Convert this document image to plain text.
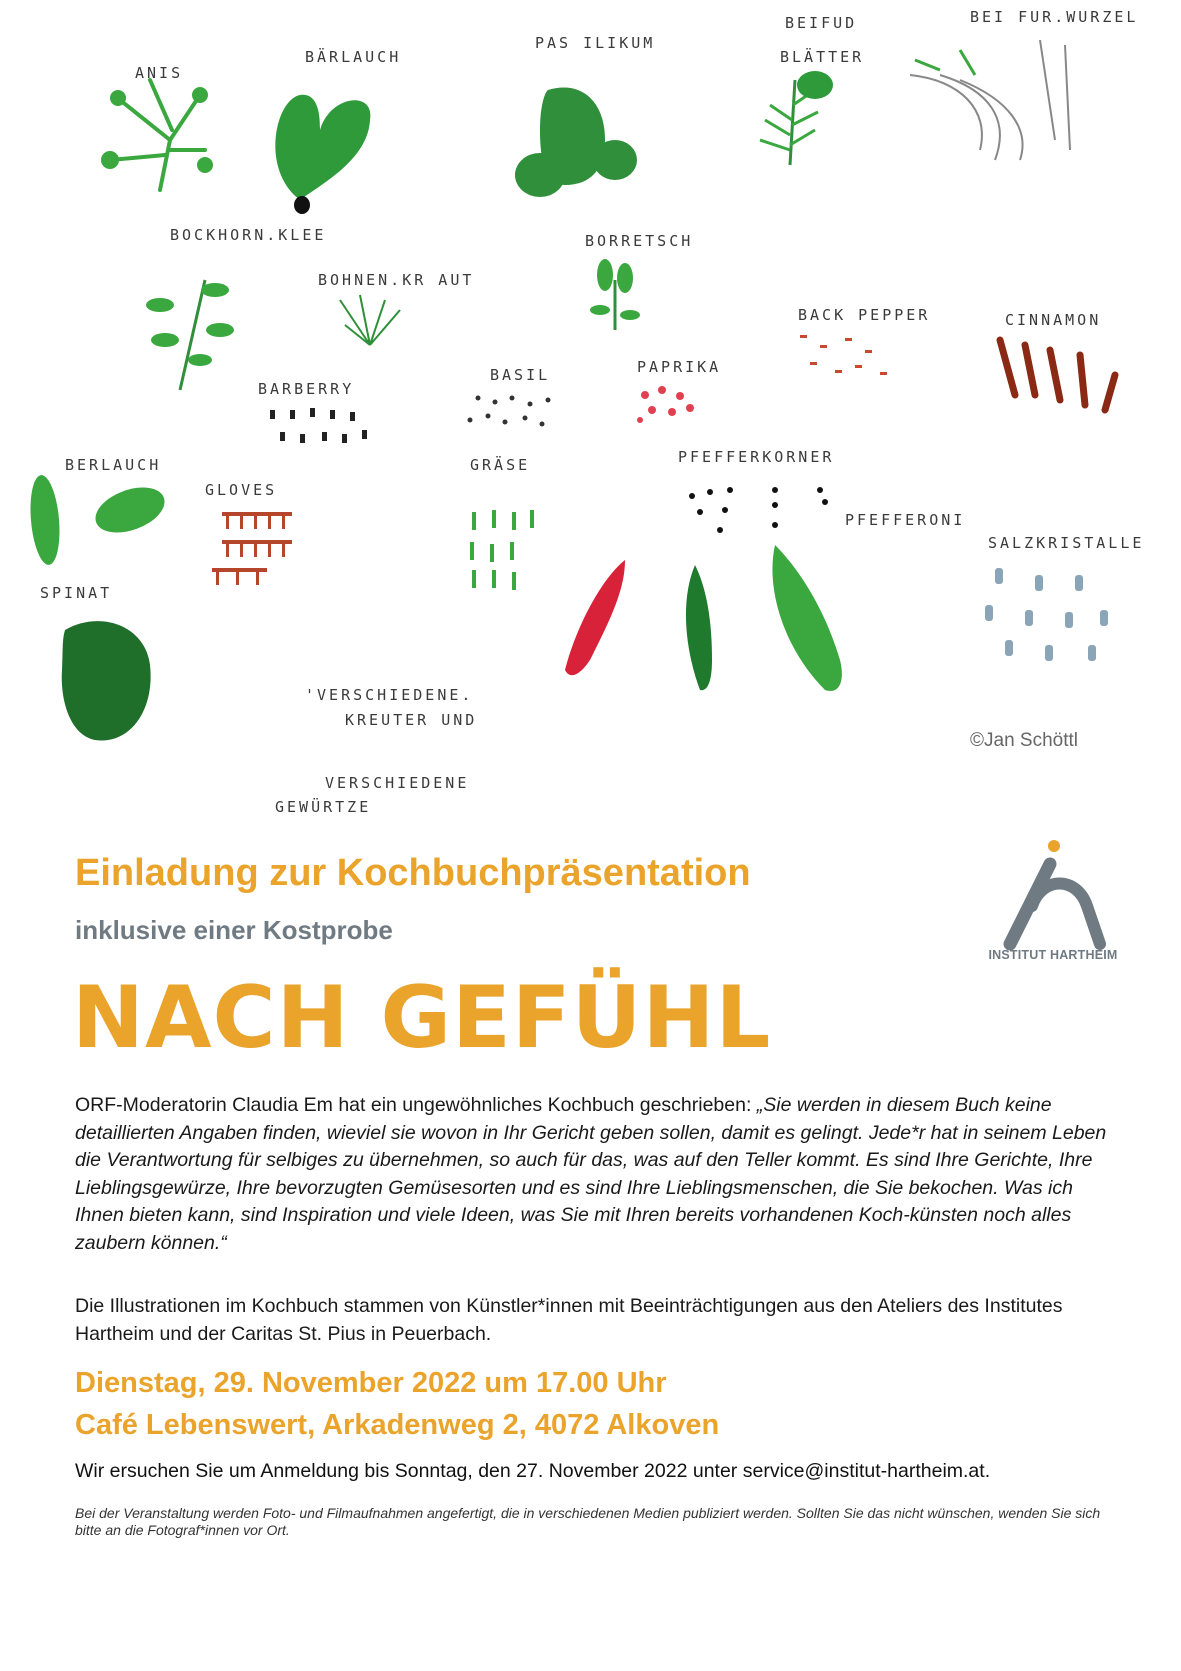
ANIS
BÄRLAUCH
PAS ILIKUM
BEIFUD
BLÄTTER
BEI FUR.WURZEL
BOCKHORN.KLEE
BOHNEN.KR AUT
BORRETSCH
BACK PEPPER	CINNAMON
BARBERRY
BASIL	PAPRIKA
BERLAUCH
GLOVES
GRÄSE	PFEFFERKORNER
PFEFFERONI
SALZKRISTALLE
SPINAT
'VERSCHIEDENE.
KREUTER UND
VERSCHIEDENE
GEWÜRTZE
©Jan Schöttl
Einladung zur Kochbuchpräsentation
inklusive einer Kostprobe
NACH GEFÜHL
INSTITUT HARTHEIM

ORF-Moderatorin Claudia Em hat ein ungewöhnliches Kochbuch geschrieben: „Sie werden in diesem Buch keine detaillierten Angaben finden, wieviel sie wovon in Ihr Gericht geben sollen, damit es gelingt. Jede*r hat in seinem Leben die Verantwortung für selbiges zu übernehmen, so auch für das, was auf den Teller kommt. Es sind Ihre Gerichte, Ihre Lieblingsgewürze, Ihre bevorzugten Gemüsesorten und es sind Ihre Lieblingsmenschen, die Sie bekochen. Was ich Ihnen bieten kann, sind Inspiration und viele Ideen, was Sie mit Ihren bereits vorhandenen Koch-künsten noch alles zaubern können.“

Die Illustrationen im Kochbuch stammen von Künstler*innen mit Beeinträchtigungen aus den Ateliers des Institutes Hartheim und der Caritas St. Pius in Peuerbach.

Dienstag, 29. November 2022 um 17.00 Uhr
Café Lebenswert, Arkadenweg 2, 4072 Alkoven

Wir ersuchen Sie um Anmeldung bis Sonntag, den 27. November 2022 unter service@institut-hartheim.at.

Bei der Veranstaltung werden Foto- und Filmaufnahmen angefertigt, die in verschiedenen Medien publiziert werden. Sollten Sie das nicht wünschen, wenden Sie sich bitte an die Fotograf*innen vor Ort.
